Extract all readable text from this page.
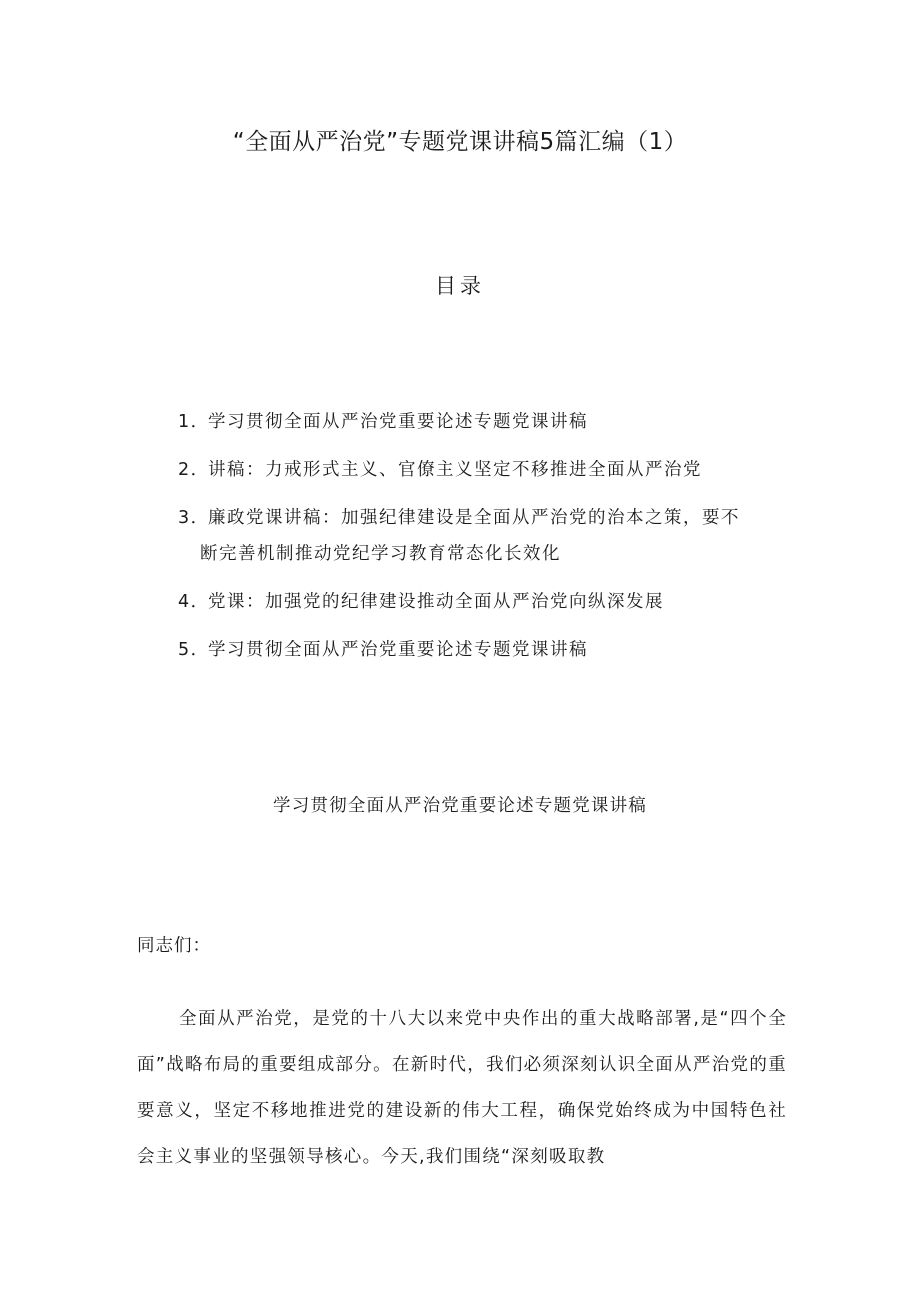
“全面从严治党”专题党课讲稿5篇汇编（1）
目录
1．
学习贯彻全面从严治党重要论述专题党课讲稿
2．
讲稿：力戒形式主义、官僚主义坚定不移推进全面从严治党
3．
廉政党课讲稿：加强纪律建设是全面从严治党的治本之策，要不
断完善机制推动党纪学习教育常态化长效化
4．
党课：加强党的纪律建设推动全面从严治党向纵深发展
5．
学习贯彻全面从严治党重要论述专题党课讲稿
学习贯彻全面从严治党重要论述专题党课讲稿
同志们：

全面从严治党，是党的十八大以来党中央作出的重大战略部署,是“四个全面”战略布局的重要组成部分。在新时代，我们必须深刻认识全面从严治党的重要意义，坚定不移地推进党的建设新的伟大工程，确保党始终成为中国特色社会主义事业的坚强领导核心。今天,我们围绕“深刻吸取教
